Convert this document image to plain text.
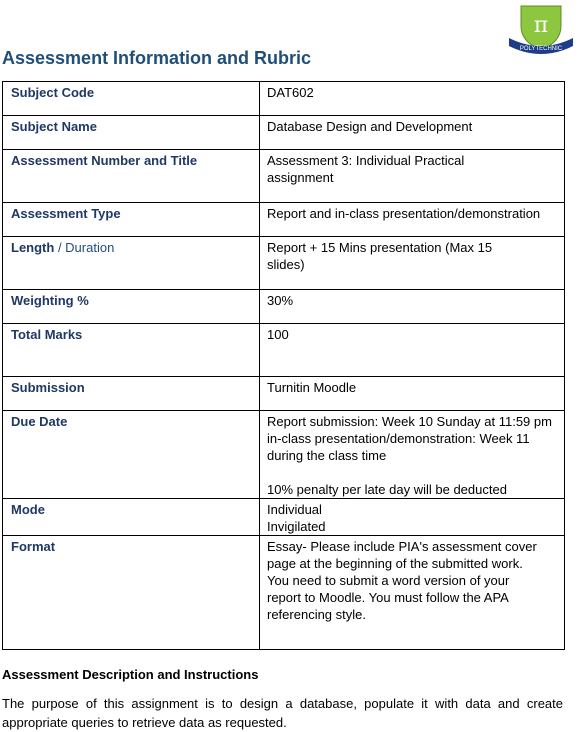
π
POLYTECHNIC
Assessment Information and Rubric
Subject Code	DAT602
Subject Name	Database Design and Development
Assessment Number and Title	Assessment 3: Individual Practical
assignment
Assessment Type	Report and in-class presentation/demonstration
Length / Duration	Report + 15 Mins presentation (Max 15
slides)
Weighting %	30%
Total Marks	100
Submission	Turnitin Moodle
Due Date	Report submission: Week 10 Sunday at 11:59 pm
in-class presentation/demonstration: Week 11
during the class time

10% penalty per late day will be deducted
Mode	Individual
Invigilated
Format	Essay- Please include PIA's assessment cover
page at the beginning of the submitted work.
You need to submit a word version of your
report to Moodle. You must follow the APA
referencing style.
Assessment Description and Instructions
The purpose of this assignment is to design a database, populate it with data and create appropriate queries to retrieve data as requested.
